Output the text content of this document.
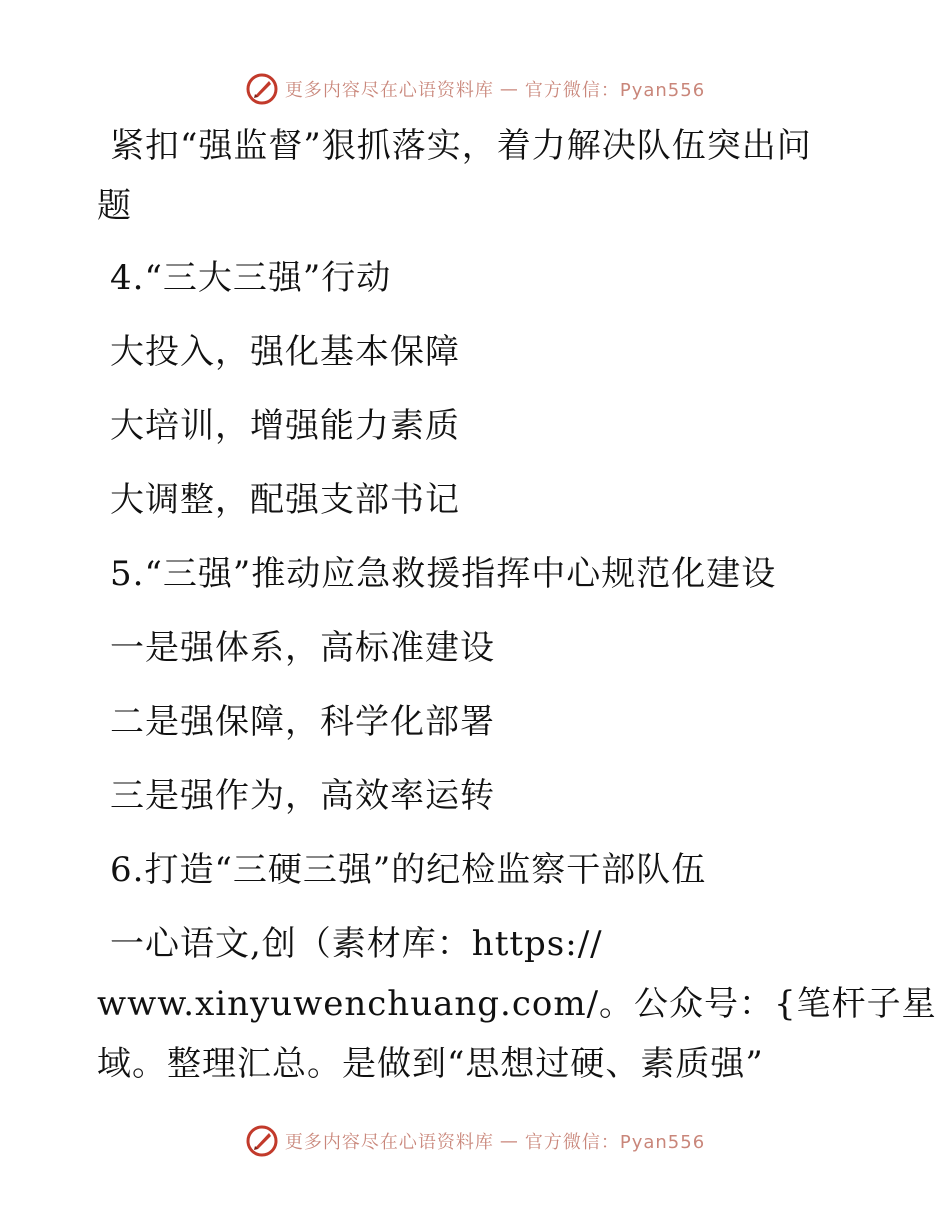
更多内容尽在心语资料库 — 官方微信：Pyan556
紧扣“强监督”狠抓落实，着力解决队伍突出问
题
4.“三大三强”行动
大投入，强化基本保障
大培训，增强能力素质
大调整，配强支部书记
5.“三强”推动应急救援指挥中心规范化建设
一是强体系，高标准建设
二是强保障，科学化部署
三是强作为，高效率运转
6.打造“三硬三强”的纪检监察干部队伍
一心语文,创（素材库：https://
www.xinyuwenchuang.com/。公众号：{笔杆子星
域。整理汇总。是做到“思想过硬、素质强”
更多内容尽在心语资料库 — 官方微信：Pyan556
